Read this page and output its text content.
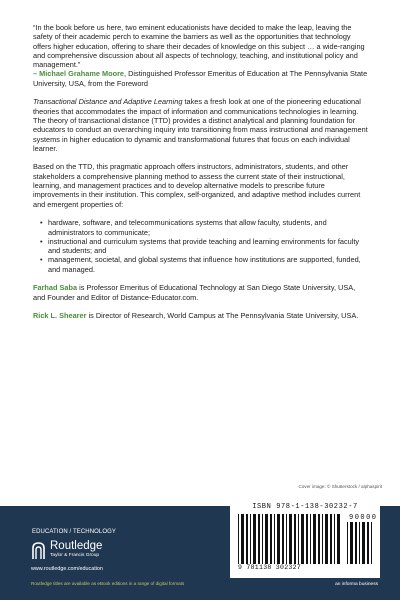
“In the book before us here, two eminent educationists have decided to make the leap, leaving the safety of their academic perch to examine the barriers as well as the opportunities that technology offers higher education, offering to share their decades of knowledge on this subject … a wide-ranging and comprehensive discussion about all aspects of technology, teaching, and institutional policy and management.”
– Michael Grahame Moore, Distinguished Professor Emeritus of Education at The Pennsylvania State University, USA, from the Foreword

Transactional Distance and Adaptive Learning takes a fresh look at one of the pioneering educational theories that accommodates the impact of information and communications technologies in learning. The theory of transactional distance (TTD) provides a distinct analytical and planning foundation for educators to conduct an overarching inquiry into transitioning from mass instructional and management systems in higher education to dynamic and transformational futures that focus on each individual learner.

Based on the TTD, this pragmatic approach offers instructors, administrators, students, and other stakeholders a comprehensive planning method to assess the current state of their instructional, learning, and management practices and to develop alternative models to prescribe future improvements in their institution. This complex, self-organized, and adaptive method includes current and emergent properties of:

• hardware, software, and telecommunications systems that allow faculty, students, and administrators to communicate;
• instructional and curriculum systems that provide teaching and learning environments for faculty and students; and
• management, societal, and global systems that influence how institutions are supported, funded, and managed.

Farhad Saba is Professor Emeritus of Educational Technology at San Diego State University, USA, and Founder and Editor of Distance-Educator.com.

Rick L. Shearer is Director of Research, World Campus at The Pennsylvania State University, USA.

Cover image: © Shutterstock / alphaspirit
EDUCATION / TECHNOLOGY
Routledge
Taylor & Francis Group
www.routledge.com/education
Routledge titles are available as eBook editions in a range of digital formats
ISBN 978-1-138-30232-7
90000
9 781138 302327
an informa business
